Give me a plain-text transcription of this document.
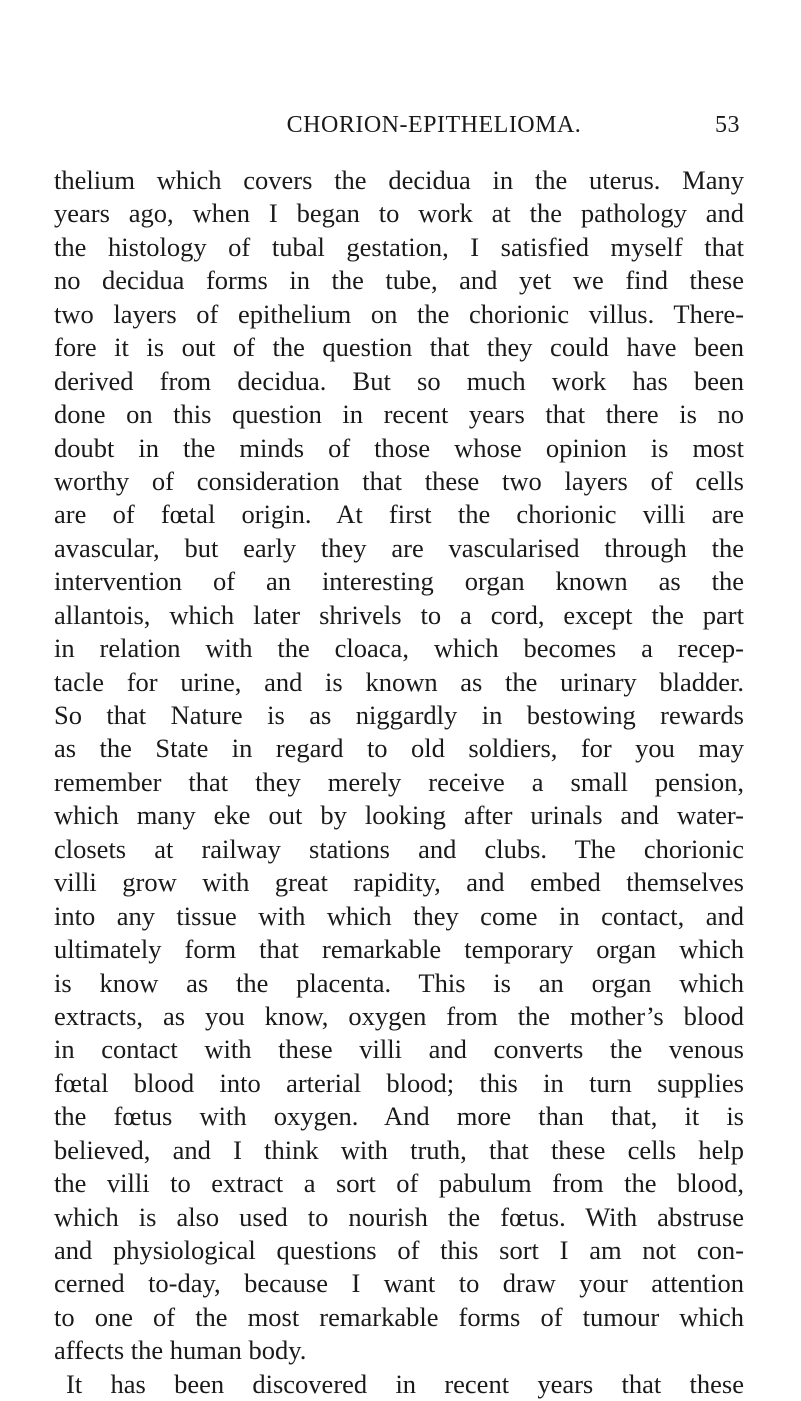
CHORION-EPITHELIOMA.	53
thelium which covers the decidua in the uterus. Many
years ago, when I began to work at the pathology and
the histology of tubal gestation, I satisfied myself that
no decidua forms in the tube, and yet we find these
two layers of epithelium on the chorionic villus. There-
fore it is out of the question that they could have been
derived from decidua. But so much work has been
done on this question in recent years that there is no
doubt in the minds of those whose opinion is most
worthy of consideration that these two layers of cells
are of fœtal origin. At first the chorionic villi are
avascular, but early they are vascularised through the
intervention of an interesting organ known as the
allantois, which later shrivels to a cord, except the part
in relation with the cloaca, which becomes a recep-
tacle for urine, and is known as the urinary bladder.
So that Nature is as niggardly in bestowing rewards
as the State in regard to old soldiers, for you may
remember that they merely receive a small pension,
which many eke out by looking after urinals and water-
closets at railway stations and clubs. The chorionic
villi grow with great rapidity, and embed themselves
into any tissue with which they come in contact, and
ultimately form that remarkable temporary organ which
is know as the placenta. This is an organ which
extracts, as you know, oxygen from the mother’s blood
in contact with these villi and converts the venous
fœtal blood into arterial blood; this in turn supplies
the fœtus with oxygen. And more than that, it is
believed, and I think with truth, that these cells help
the villi to extract a sort of pabulum from the blood,
which is also used to nourish the fœtus. With abstruse
and physiological questions of this sort I am not con-
cerned to-day, because I want to draw your attention
to one of the most remarkable forms of tumour which
affects the human body.
It has been discovered in recent years that these
